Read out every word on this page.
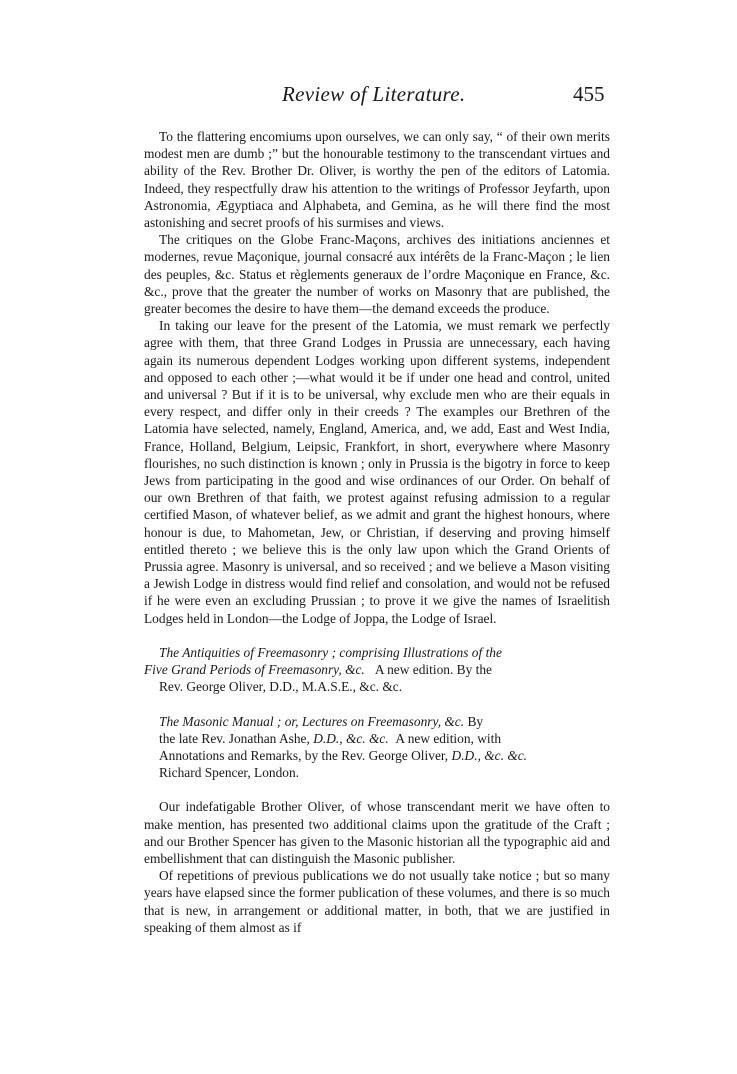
Review of Literature.	455

To the flattering encomiums upon ourselves, we can only say, “ of their own merits modest men are dumb ;” but the honourable testimony to the transcendant virtues and ability of the Rev. Brother Dr. Oliver, is worthy the pen of the editors of Latomia. Indeed, they respectfully draw his attention to the writings of Professor Jeyfarth, upon Astronomia, Ægyptiaca and Alphabeta, and Gemina, as he will there find the most astonishing and secret proofs of his surmises and views.

The critiques on the Globe Franc-Maçons, archives des initiations anciennes et modernes, revue Maçonique, journal consacré aux intérêts de la Franc-Maçon ; le lien des peuples, &c. Status et règlements generaux de l’ordre Maçonique en France, &c. &c., prove that the greater the number of works on Masonry that are published, the greater becomes the desire to have them—the demand exceeds the produce.

In taking our leave for the present of the Latomia, we must remark we perfectly agree with them, that three Grand Lodges in Prussia are unnecessary, each having again its numerous dependent Lodges working upon different systems, independent and opposed to each other ;—what would it be if under one head and control, united and universal ? But if it is to be universal, why exclude men who are their equals in every respect, and differ only in their creeds ? The examples our Brethren of the Latomia have selected, namely, England, America, and, we add, East and West India, France, Holland, Belgium, Leipsic, Frankfort, in short, everywhere where Masonry flourishes, no such distinction is known ; only in Prussia is the bigotry in force to keep Jews from participating in the good and wise ordinances of our Order. On behalf of our own Brethren of that faith, we protest against refusing admission to a regular certified Mason, of whatever belief, as we admit and grant the highest honours, where honour is due, to Mahometan, Jew, or Christian, if deserving and proving himself entitled thereto ; we believe this is the only law upon which the Grand Orients of Prussia agree. Masonry is universal, and so received ; and we believe a Mason visiting a Jewish Lodge in distress would find relief and consolation, and would not be refused if he were even an excluding Prussian ; to prove it we give the names of Israelitish Lodges held in London—the Lodge of Joppa, the Lodge of Israel.

The Antiquities of Freemasonry ; comprising Illustrations of the
Five Grand Periods of Freemasonry, &c. A new edition. By the
Rev. George Oliver, D.D., M.A.S.E., &c. &c.

The Masonic Manual ; or, Lectures on Freemasonry, &c. By
the late Rev. Jonathan Ashe, D.D., &c. &c. A new edition, with
Annotations and Remarks, by the Rev. George Oliver, D.D., &c. &c.
Richard Spencer, London.

Our indefatigable Brother Oliver, of whose transcendant merit we have often to make mention, has presented two additional claims upon the gratitude of the Craft ; and our Brother Spencer has given to the Masonic historian all the typographic aid and embellishment that can distinguish the Masonic publisher.

Of repetitions of previous publications we do not usually take notice ; but so many years have elapsed since the former publication of these volumes, and there is so much that is new, in arrangement or additional matter, in both, that we are justified in speaking of them almost as if
